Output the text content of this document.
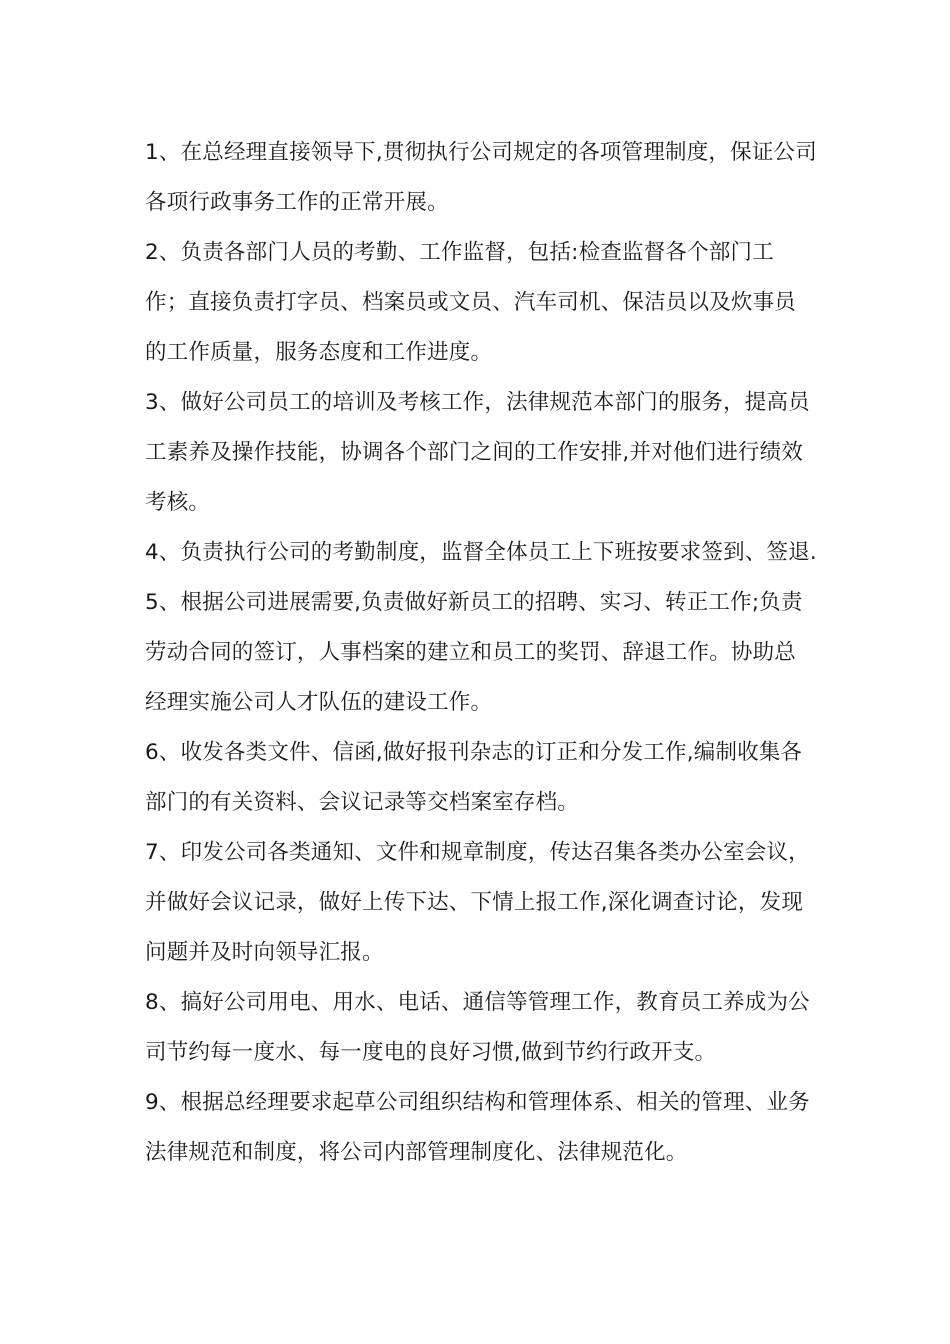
1、在总经理直接领导下,贯彻执行公司规定的各项管理制度，保证公司各项行政事务工作的正常开展。

2、负责各部门人员的考勤、工作监督，包括:检查监督各个部门工作；直接负责打字员、档案员或文员、汽车司机、保洁员以及炊事员的工作质量，服务态度和工作进度。

3、做好公司员工的培训及考核工作，法律规范本部门的服务，提高员工素养及操作技能，协调各个部门之间的工作安排,并对他们进行绩效考核。

4、负责执行公司的考勤制度，监督全体员工上下班按要求签到、签退.

5、根据公司进展需要,负责做好新员工的招聘、实习、转正工作;负责劳动合同的签订，人事档案的建立和员工的奖罚、辞退工作。协助总经理实施公司人才队伍的建设工作。

6、收发各类文件、信函,做好报刊杂志的订正和分发工作,编制收集各部门的有关资料、会议记录等交档案室存档。

7、印发公司各类通知、文件和规章制度，传达召集各类办公室会议，并做好会议记录，做好上传下达、下情上报工作,深化调查讨论，发现问题并及时向领导汇报。

8、搞好公司用电、用水、电话、通信等管理工作，教育员工养成为公司节约每一度水、每一度电的良好习惯,做到节约行政开支。

9、根据总经理要求起草公司组织结构和管理体系、相关的管理、业务法律规范和制度，将公司内部管理制度化、法律规范化。
